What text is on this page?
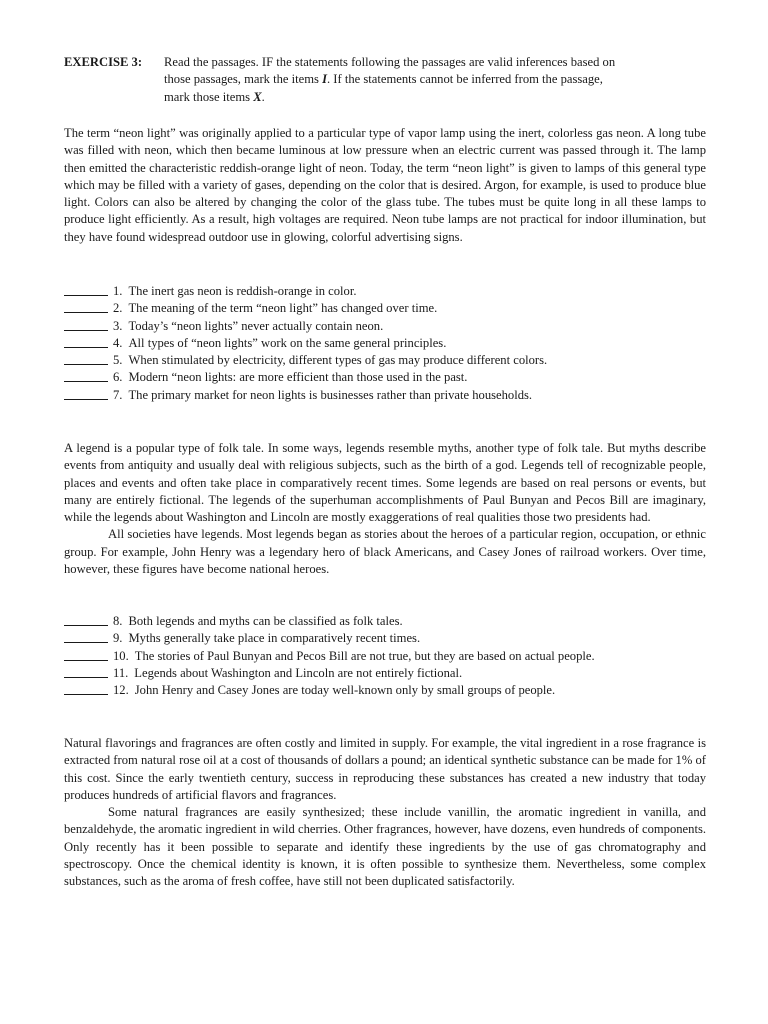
EXERCISE 3:	Read the passages. IF the statements following the passages are valid inferences based on
those passages, mark the items I. If the statements cannot be inferred from the passage,
mark those items X.

The term “neon light” was originally applied to a particular type of vapor lamp using the inert, colorless gas neon. A long tube was filled with neon, which then became luminous at low pressure when an electric current was passed through it. The lamp then emitted the characteristic reddish-orange light of neon. Today, the term “neon light” is given to lamps of this general type which may be filled with a variety of gases, depending on the color that is desired. Argon, for example, is used to produce blue light. Colors can also be altered by changing the color of the glass tube. The tubes must be quite long in all these lamps to produce light efficiently. As a result, high voltages are required. Neon tube lamps are not practical for indoor illumination, but they have found widespread outdoor use in glowing, colorful advertising signs.

1. The inert gas neon is reddish-orange in color.
2. The meaning of the term “neon light” has changed over time.
3. Today’s “neon lights” never actually contain neon.
4. All types of “neon lights” work on the same general principles.
5. When stimulated by electricity, different types of gas may produce different colors.
6. Modern “neon lights: are more efficient than those used in the past.
7. The primary market for neon lights is businesses rather than private households.

A legend is a popular type of folk tale. In some ways, legends resemble myths, another type of folk tale. But myths describe events from antiquity and usually deal with religious subjects, such as the birth of a god. Legends tell of recognizable people, places and events and often take place in comparatively recent times. Some legends are based on real persons or events, but many are entirely fictional. The legends of the superhuman accomplishments of Paul Bunyan and Pecos Bill are imaginary, while the legends about Washington and Lincoln are mostly exaggerations of real qualities those two presidents had.

All societies have legends. Most legends began as stories about the heroes of a particular region, occupation, or ethnic group. For example, John Henry was a legendary hero of black Americans, and Casey Jones of railroad workers. Over time, however, these figures have become national heroes.

8. Both legends and myths can be classified as folk tales.
9. Myths generally take place in comparatively recent times.
10. The stories of Paul Bunyan and Pecos Bill are not true, but they are based on actual people.
11. Legends about Washington and Lincoln are not entirely fictional.
12. John Henry and Casey Jones are today well-known only by small groups of people.

Natural flavorings and fragrances are often costly and limited in supply. For example, the vital ingredient in a rose fragrance is extracted from natural rose oil at a cost of thousands of dollars a pound; an identical synthetic substance can be made for 1% of this cost. Since the early twentieth century, success in reproducing these substances has created a new industry that today produces hundreds of artificial flavors and fragrances.

Some natural fragrances are easily synthesized; these include vanillin, the aromatic ingredient in vanilla, and benzaldehyde, the aromatic ingredient in wild cherries. Other fragrances, however, have dozens, even hundreds of components. Only recently has it been possible to separate and identify these ingredients by the use of gas chromatography and spectroscopy. Once the chemical identity is known, it is often possible to synthesize them. Nevertheless, some complex substances, such as the aroma of fresh coffee, have still not been duplicated satisfactorily.
